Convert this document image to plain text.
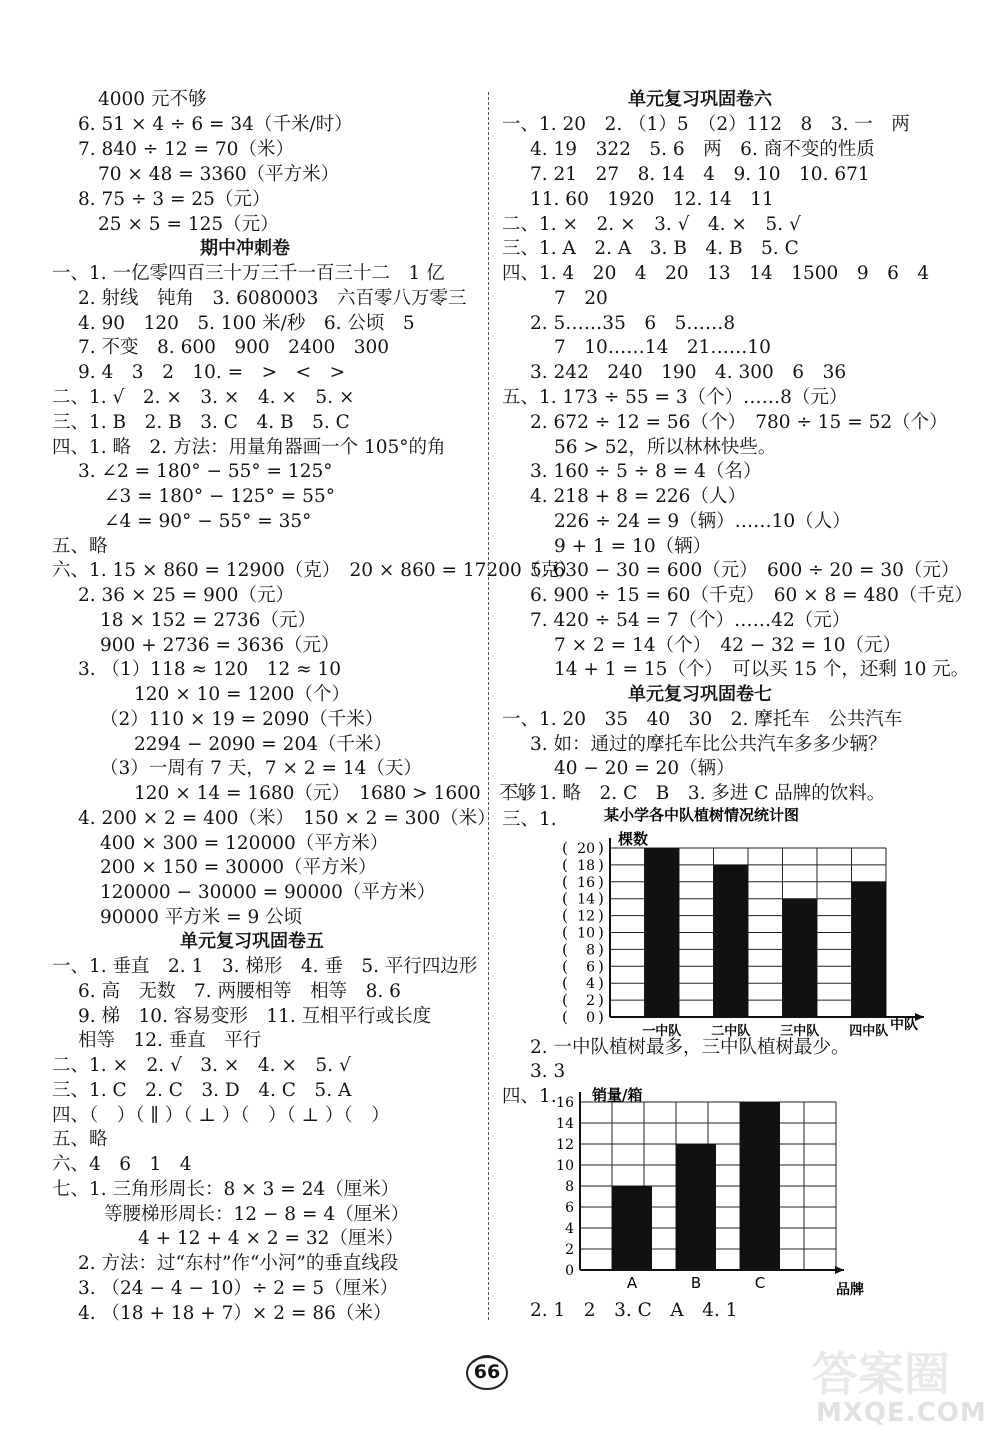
4000 元不够
6. 51 × 4 ÷ 6 = 34（千米/时）
7. 840 ÷ 12 = 70（米）
70 × 48 = 3360（平方米）
8. 75 ÷ 3 = 25（元）
25 × 5 = 125（元）
期中冲刺卷
一、1. 一亿零四百三十万三千一百三十二　1 亿
2. 射线　钝角　3. 6080003　六百零八万零三
4. 90　120　5. 100 米/秒　6. 公顷　5
7. 不变　8. 600　900　2400　300
9. 4　3　2　10. =　>　<　>
二、1. √　2. ×　3. ×　4. ×　5. ×
三、1. B　2. B　3. C　4. B　5. C
四、1. 略　2. 方法：用量角器画一个 105°的角
3. ∠2 = 180° − 55° = 125°
∠3 = 180° − 125° = 55°
∠4 = 90° − 55° = 35°
五、略
六、1. 15 × 860 = 12900（克）　20 × 860 = 17200（克）
2. 36 × 25 = 900（元）
18 × 152 = 2736（元）
900 + 2736 = 3636（元）
3. （1）118 ≈ 120　12 ≈ 10
120 × 10 = 1200（个）
（2）110 × 19 = 2090（千米）
2294 − 2090 = 204（千米）
（3）一周有 7 天，7 × 2 = 14（天）
120 × 14 = 1680（元）　1680 > 1600　不够
4. 200 × 2 = 400（米）　150 × 2 = 300（米）
400 × 300 = 120000（平方米）
200 × 150 = 30000（平方米）
120000 − 30000 = 90000（平方米）
90000 平方米 = 9 公顷
单元复习巩固卷五
一、1. 垂直　2. 1　3. 梯形　4. 垂　5. 平行四边形
6. 高　无数　7. 两腰相等　相等　8. 6
9. 梯　10. 容易变形　11. 互相平行或长度
相等　12. 垂直　平行
二、1. ×　2. √　3. ×　4. ×　5. √
三、1. C　2. C　3. D　4. C　5. A
四、（　）（ ∥ ）（ ⊥ ）（　）（ ⊥ ）（　）
五、略
六、4　6　1　4
七、1. 三角形周长：8 × 3 = 24（厘米）
等腰梯形周长：12 − 8 = 4（厘米）
4 + 12 + 4 × 2 = 32（厘米）
2. 方法：过“东村”作“小河”的垂直线段
3. （24 − 4 − 10）÷ 2 = 5（厘米）
4. （18 + 18 + 7）× 2 = 86（米）
单元复习巩固卷六
一、1. 20　2. （1）5　（2）112　8　3. 一　两
4. 19　322　5. 6　两　6. 商不变的性质
7. 21　27　8. 14　4　9. 10　10. 671
11. 60　1920　12. 14　11
二、1. ×　2. ×　3. √　4. ×　5. √
三、1. A　2. A　3. B　4. B　5. C
四、1. 4　20　4　20　13　14　1500　9　6　4
7　20
2. 5……35　6　5……8
7　10……14　21……10
3. 242　240　190　4. 300　6　36
五、1. 173 ÷ 55 = 3（个）……8（元）
2. 672 ÷ 12 = 56（个）　780 ÷ 15 = 52（个）
56 > 52，所以林林快些。
3. 160 ÷ 5 ÷ 8 = 4（名）
4. 218 + 8 = 226（人）
226 ÷ 24 = 9（辆）……10（人）
9 + 1 = 10（辆）
5. 630 − 30 = 600（元）　600 ÷ 20 = 30（元）
6. 900 ÷ 15 = 60（千克）　60 × 8 = 480（千克）
7. 420 ÷ 54 = 7（个）……42（元）
7 × 2 = 14（个）　42 − 32 = 10（元）
14 + 1 = 15（个）　可以买 15 个，还剩 10 元。
单元复习巩固卷七
一、1. 20　35　40　30　2. 摩托车　公共汽车
3. 如：通过的摩托车比公共汽车多多少辆？
40 − 20 = 20（辆）
二、1. 略　2. C　B　3. 多进 C 品牌的饮料。
三、1.
( )
0
( )
2
( )
4
( )
6
( )
8
( )
10
( )
12
( )
14
( )
16
( )
18
( )
20
一中队 二中队 三中队 四中队
棵数
中队
某小学各中队植树情况统计图
2. 一中队植树最多，三中队植树最少。
3. 3
四、1.
0
2
4
6
8
10
12
14
16
A	B	C
销量/箱
品牌
2. 1　2　3. C　A　4. 1
66	答案圈
MXQE.COM
